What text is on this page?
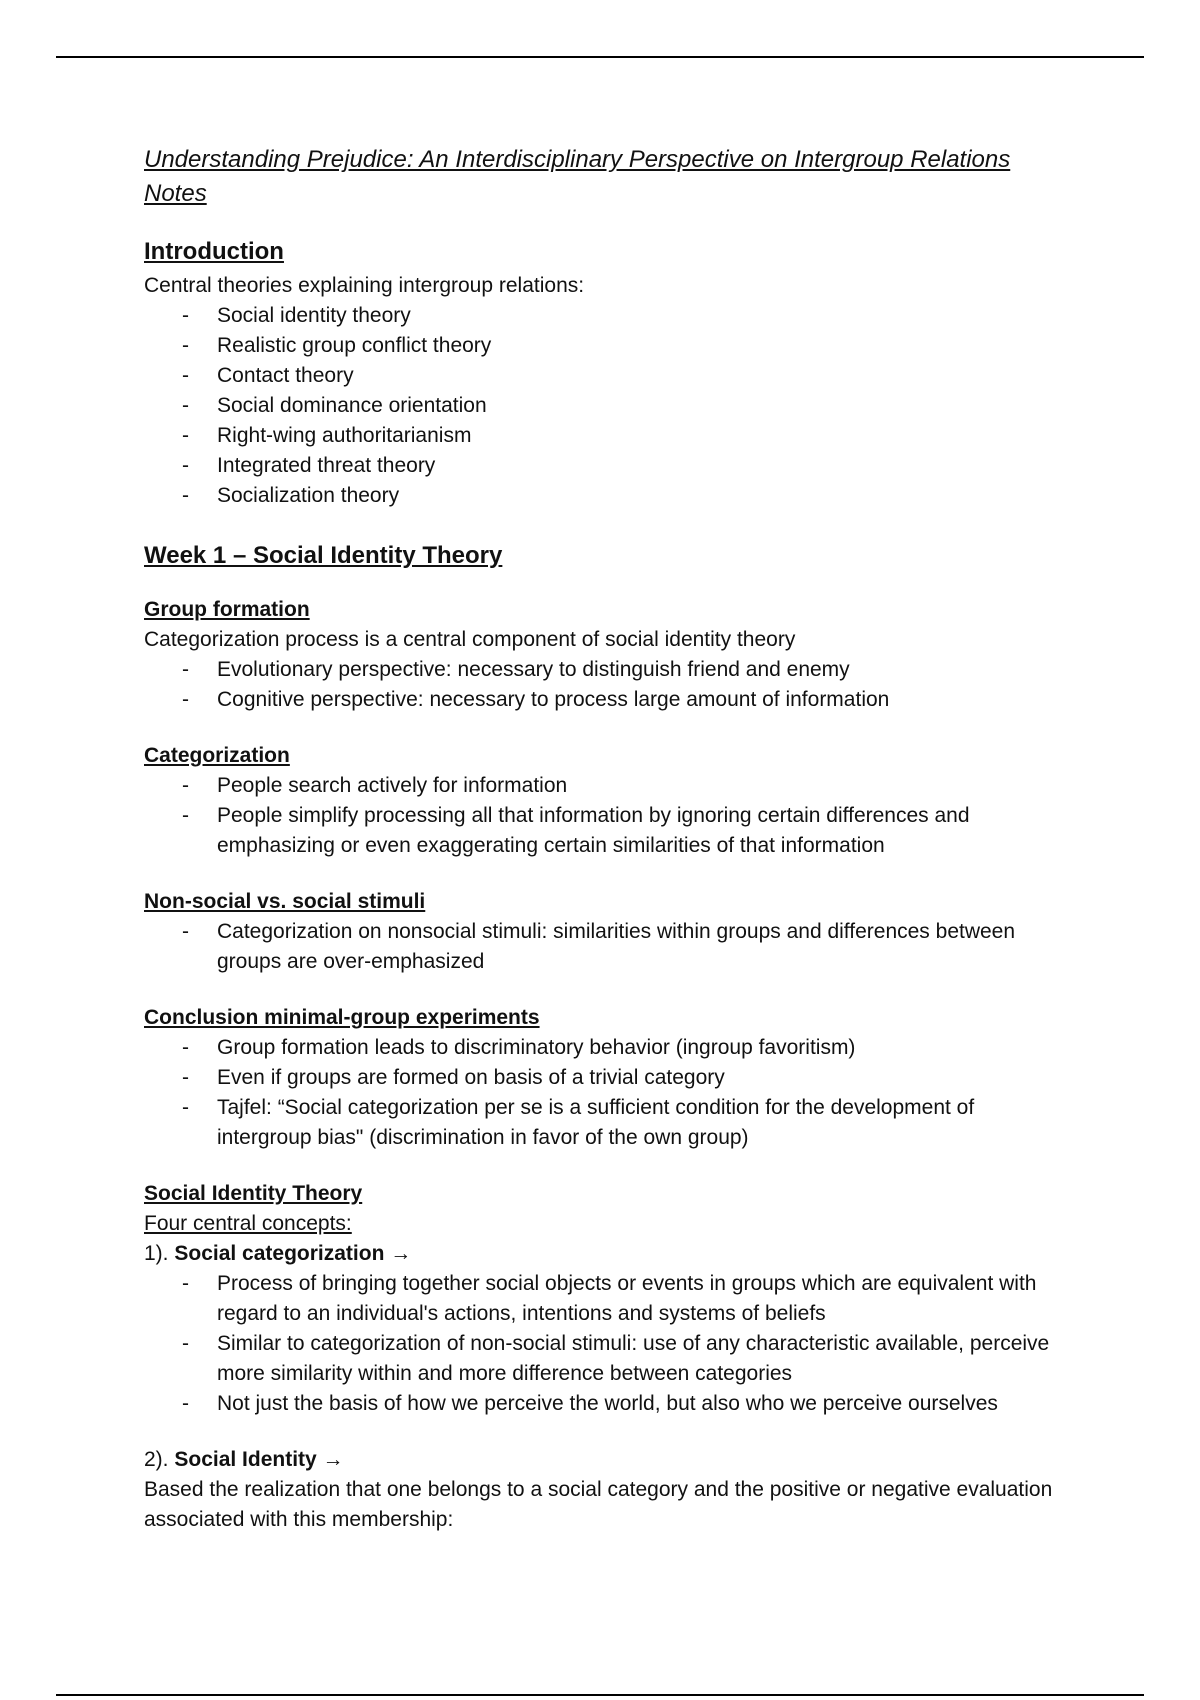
Understanding Prejudice: An Interdisciplinary Perspective on Intergroup Relations Notes
Introduction

Central theories explaining intergroup relations:

- Social identity theory
- Realistic group conflict theory
- Contact theory
- Social dominance orientation
- Right-wing authoritarianism
- Integrated threat theory
- Socialization theory
Week 1 – Social Identity Theory
Group formation

Categorization process is a central component of social identity theory

- Evolutionary perspective: necessary to distinguish friend and enemy
- Cognitive perspective: necessary to process large amount of information
Categorization
- People search actively for information
- People simplify processing all that information by ignoring certain differences and emphasizing or even exaggerating certain similarities of that information
Non-social vs. social stimuli
- Categorization on nonsocial stimuli: similarities within groups and differences between groups are over-emphasized
Conclusion minimal-group experiments
- Group formation leads to discriminatory behavior (ingroup favoritism)
- Even if groups are formed on basis of a trivial category
- Tajfel: “Social categorization per se is a sufficient condition for the development of intergroup bias" (discrimination in favor of the own group)
Social Identity Theory

Four central concepts:

1). Social categorization →

- Process of bringing together social objects or events in groups which are equivalent with regard to an individual's actions, intentions and systems of beliefs
- Similar to categorization of non-social stimuli: use of any characteristic available, perceive more similarity within and more difference between categories
- Not just the basis of how we perceive the world, but also who we perceive ourselves

2). Social Identity →

Based the realization that one belongs to a social category and the positive or negative evaluation associated with this membership:
